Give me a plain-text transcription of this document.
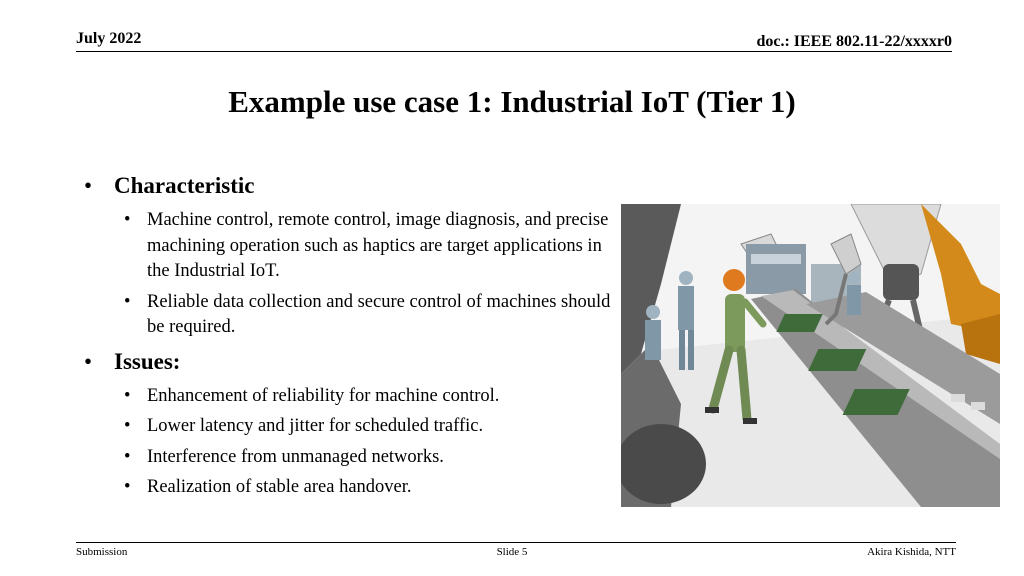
July 2022	doc.: IEEE 802.11-22/xxxxr0
Example use case 1: Industrial IoT (Tier 1)
• Characteristic
• Machine control, remote control, image diagnosis, and precise machining operation such as haptics are target applications in the Industrial IoT.
• Reliable data collection and secure control of machines should be required.
• Issues:
• Enhancement of reliability for machine control.
• Lower latency and jitter for scheduled traffic.
• Interference from unmanaged networks.
• Realization of stable area handover.
Submission	Slide 5	Akira Kishida, NTT
